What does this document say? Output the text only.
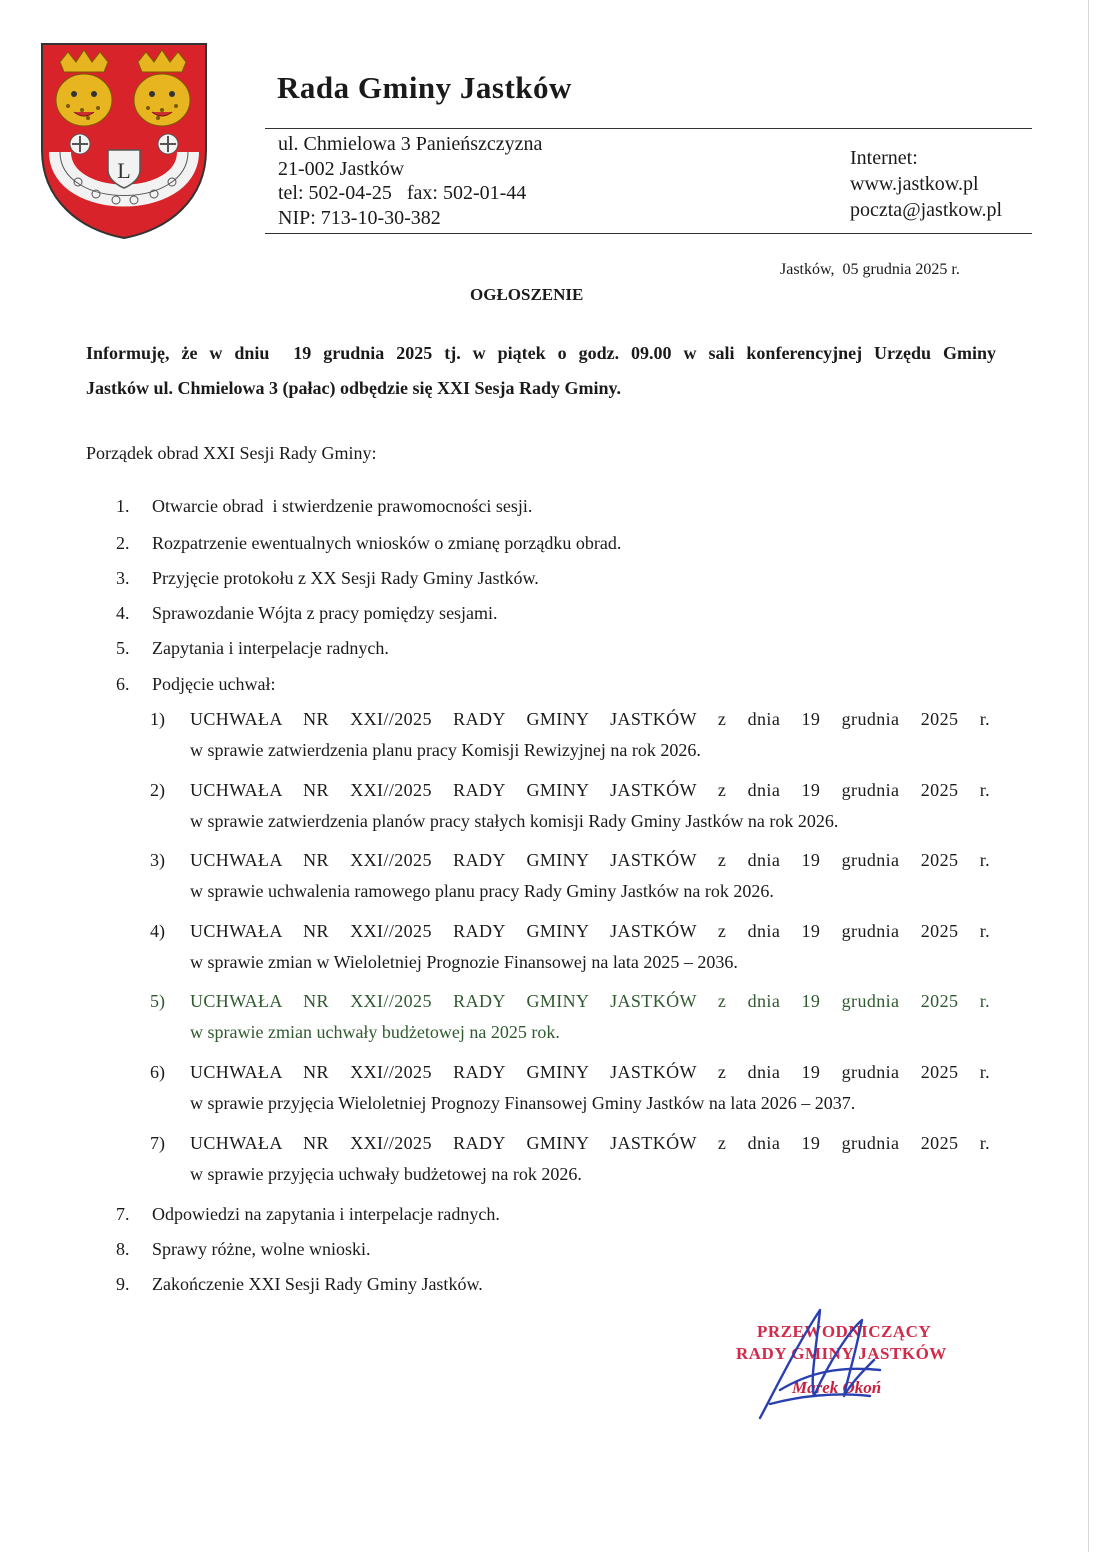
L
Rada Gminy Jastków
ul. Chmielowa 3 Panieńszczyzna
21-002 Jastków
tel: 502-04-25   fax: 502-01-44
NIP: 713-10-30-382
Internet:
www.jastkow.pl
poczta@jastkow.pl
Jastków,  05 grudnia 2025 r.
OGŁOSZENIE
Informuję, że w dniu  19 grudnia 2025 tj. w piątek o godz. 09.00 w sali konferencyjnej Urzędu Gminy
Jastków ul. Chmielowa 3 (pałac) odbędzie się XXI Sesja Rady Gminy.
Porządek obrad XXI Sesji Rady Gminy:
1. Otwarcie obrad  i stwierdzenie prawomocności sesji.
2. Rozpatrzenie ewentualnych wniosków o zmianę porządku obrad.
3. Przyjęcie protokołu z XX Sesji Rady Gminy Jastków.
4. Sprawozdanie Wójta z pracy pomiędzy sesjami.
5. Zapytania i interpelacje radnych.
6. Podjęcie uchwał:
1)	UCHWAŁA NR XXI//2025 RADY GMINY JASTKÓW z dnia 19 grudnia 2025 r.
w sprawie zatwierdzenia planu pracy Komisji Rewizyjnej na rok 2026.
2)	UCHWAŁA NR XXI//2025 RADY GMINY JASTKÓW z dnia 19 grudnia 2025 r.
w sprawie zatwierdzenia planów pracy stałych komisji Rady Gminy Jastków na rok 2026.
3)	UCHWAŁA NR XXI//2025 RADY GMINY JASTKÓW z dnia 19 grudnia 2025 r.
w sprawie uchwalenia ramowego planu pracy Rady Gminy Jastków na rok 2026.
4)	UCHWAŁA NR XXI//2025 RADY GMINY JASTKÓW z dnia 19 grudnia 2025 r.
w sprawie zmian w Wieloletniej Prognozie Finansowej na lata 2025 – 2036.
5)	UCHWAŁA NR XXI//2025 RADY GMINY JASTKÓW z dnia 19 grudnia 2025 r.
w sprawie zmian uchwały budżetowej na 2025 rok.
6)	UCHWAŁA NR XXI//2025 RADY GMINY JASTKÓW z dnia 19 grudnia 2025 r.
w sprawie przyjęcia Wieloletniej Prognozy Finansowej Gminy Jastków na lata 2026 – 2037.
7)	UCHWAŁA NR XXI//2025 RADY GMINY JASTKÓW z dnia 19 grudnia 2025 r.
w sprawie przyjęcia uchwały budżetowej na rok 2026.
7. Odpowiedzi na zapytania i interpelacje radnych.
8. Sprawy różne, wolne wnioski.
9. Zakończenie XXI Sesji Rady Gminy Jastków.
PRZEWODNICZĄCY
RADY GMINY JASTKÓW
Marek Okoń
